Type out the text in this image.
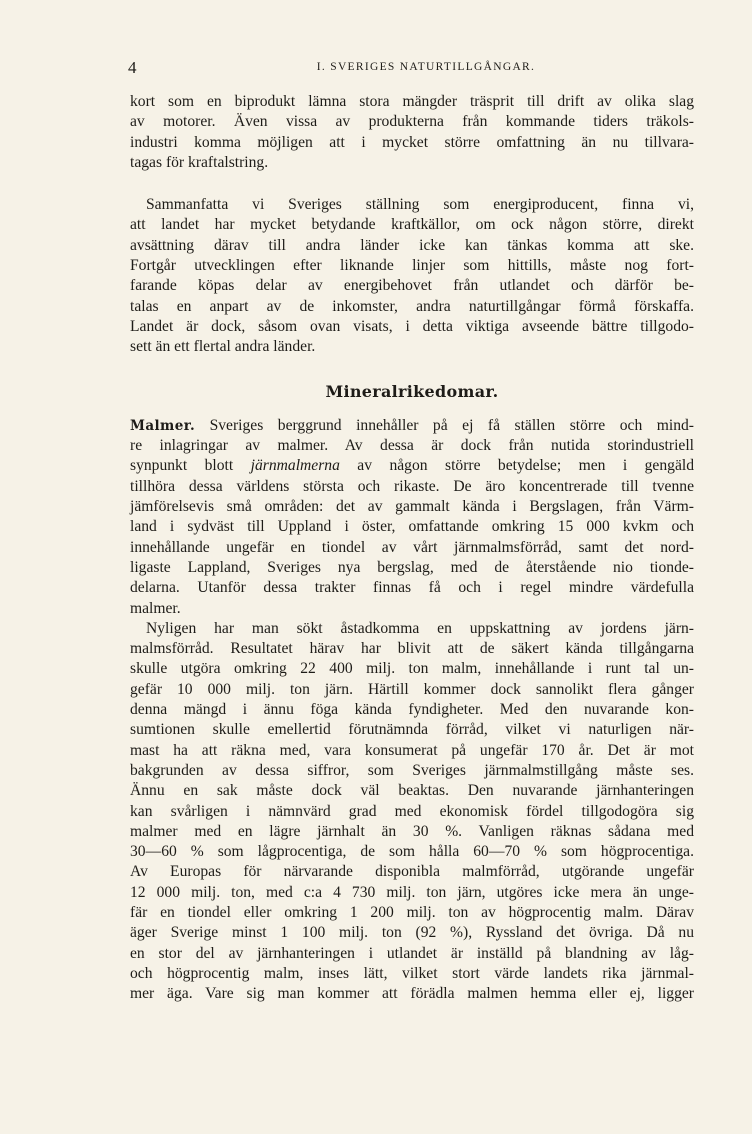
4	I. SVERIGES NATURTILLGÅNGAR.
kort som en biprodukt lämna stora mängder träsprit till drift av olika slag
av motorer. Även vissa av produkterna från kommande tiders träkols-
industri komma möjligen att i mycket större omfattning än nu tillvara-
tagas för kraftalstring.
Sammanfatta vi Sveriges ställning som energiproducent, finna vi,
att landet har mycket betydande kraftkällor, om ock någon större, direkt
avsättning därav till andra länder icke kan tänkas komma att ske.
Fortgår utvecklingen efter liknande linjer som hittills, måste nog fort-
farande köpas delar av energibehovet från utlandet och därför be-
talas en anpart av de inkomster, andra naturtillgångar förmå förskaffa.
Landet är dock, såsom ovan visats, i detta viktiga avseende bättre tillgodo-
sett än ett flertal andra länder.
Mineralrikedomar.
Malmer. Sveriges berggrund innehåller på ej få ställen större och mind-
re inlagringar av malmer. Av dessa är dock från nutida storindustriell
synpunkt blott järnmalmerna av någon större betydelse; men i gengäld
tillhöra dessa världens största och rikaste. De äro koncentrerade till tvenne
jämförelsevis små områden: det av gammalt kända i Bergslagen, från Värm-
land i sydväst till Uppland i öster, omfattande omkring 15 000 kvkm och
innehållande ungefär en tiondel av vårt järnmalmsförråd, samt det nord-
ligaste Lappland, Sveriges nya bergslag, med de återstående nio tionde-
delarna. Utanför dessa trakter finnas få och i regel mindre värdefulla
malmer.
Nyligen har man sökt åstadkomma en uppskattning av jordens järn-
malmsförråd. Resultatet härav har blivit att de säkert kända tillgångarna
skulle utgöra omkring 22 400 milj. ton malm, innehållande i runt tal un-
gefär 10 000 milj. ton järn. Härtill kommer dock sannolikt flera gånger
denna mängd i ännu föga kända fyndigheter. Med den nuvarande kon-
sumtionen skulle emellertid förutnämnda förråd, vilket vi naturligen när-
mast ha att räkna med, vara konsumerat på ungefär 170 år. Det är mot
bakgrunden av dessa siffror, som Sveriges järnmalmstillgång måste ses.
Ännu en sak måste dock väl beaktas. Den nuvarande järnhanteringen
kan svårligen i nämnvärd grad med ekonomisk fördel tillgodogöra sig
malmer med en lägre järnhalt än 30 %. Vanligen räknas sådana med
30—60 % som lågprocentiga, de som hålla 60—70 % som högprocentiga.
Av Europas för närvarande disponibla malmförråd, utgörande ungefär
12 000 milj. ton, med c:a 4 730 milj. ton järn, utgöres icke mera än unge-
fär en tiondel eller omkring 1 200 milj. ton av högprocentig malm. Därav
äger Sverige minst 1 100 milj. ton (92 %), Ryssland det övriga. Då nu
en stor del av järnhanteringen i utlandet är inställd på blandning av låg-
och högprocentig malm, inses lätt, vilket stort värde landets rika järnmal-
mer äga. Vare sig man kommer att förädla malmen hemma eller ej, ligger
